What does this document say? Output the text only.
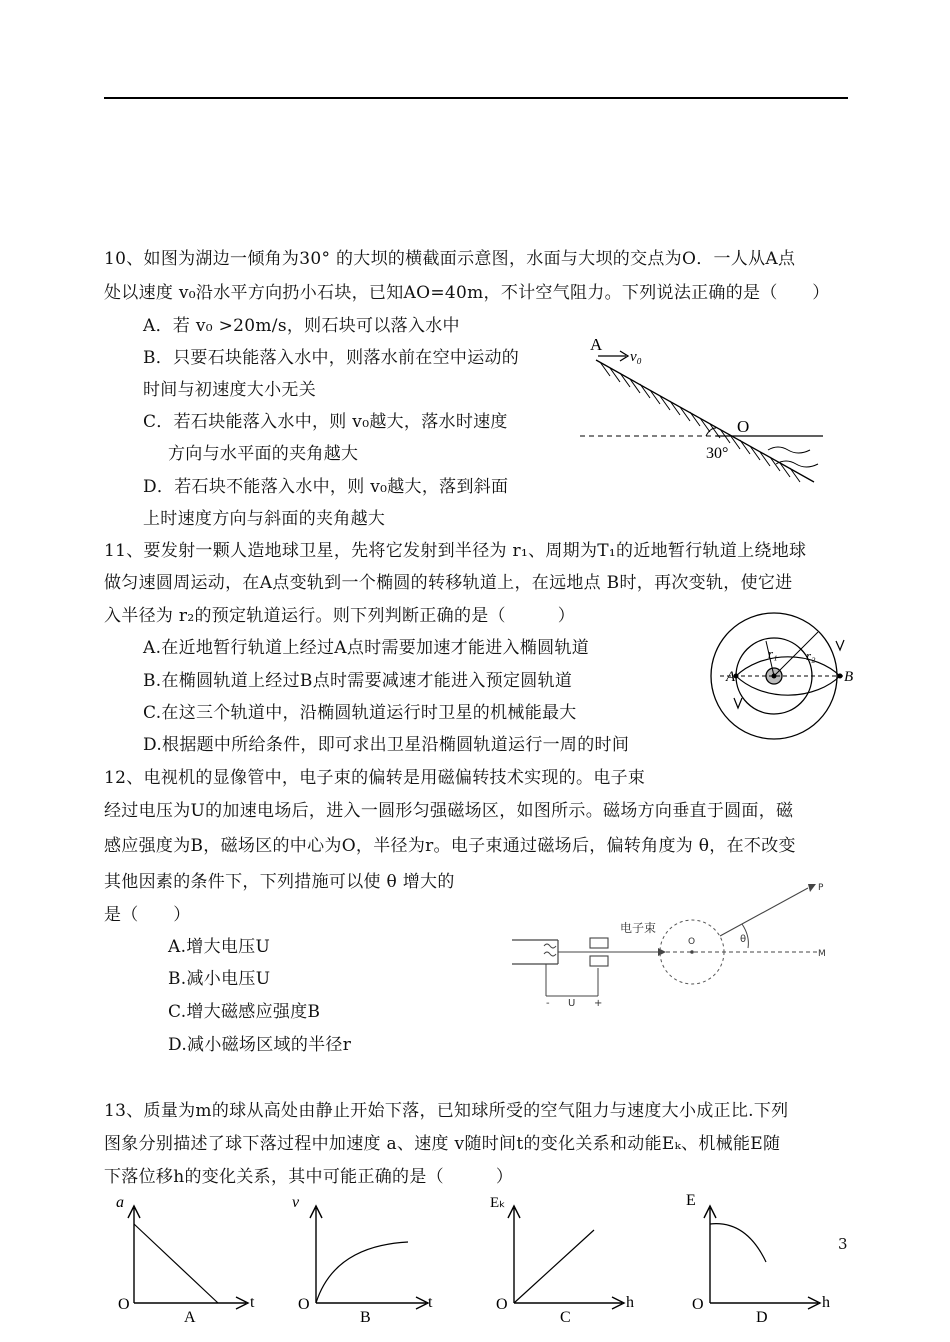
10、如图为湖边一倾角为30° 的大坝的横截面示意图，水面与大坝的交点为O．一人从A点
处以速度 v₀沿水平方向扔小石块，已知AO=40m，不计空气阻力。下列说法正确的是（　　）
A．若 v₀ >20m/s，则石块可以落入水中
B．只要石块能落入水中，则落水前在空中运动的
时间与初速度大小无关
C．若石块能落入水中，则 v₀越大，落水时速度
方向与水平面的夹角越大
D．若石块不能落入水中，则 v₀越大，落到斜面
上时速度方向与斜面的夹角越大
A
v₀
O
30°
11、要发射一颗人造地球卫星，先将它发射到半径为 r₁、周期为T₁的近地暂行轨道上绕地球
做匀速圆周运动，在A点变轨到一个椭圆的转移轨道上，在远地点 B时，再次变轨，使它进
入半径为 r₂的预定轨道运行。则下列判断正确的是（　　　）
A.在近地暂行轨道上经过A点时需要加速才能进入椭圆轨道
B.在椭圆轨道上经过B点时需要减速才能进入预定圆轨道
C.在这三个轨道中，沿椭圆轨道运行时卫星的机械能最大
D.根据题中所给条件，即可求出卫星沿椭圆轨道运行一周的时间
A	B
r₁ r₂
12、电视机的显像管中，电子束的偏转是用磁偏转技术实现的。电子束
经过电压为U的加速电场后，进入一圆形匀强磁场区，如图所示。磁场方向垂直于圆面，磁
感应强度为B，磁场区的中心为O，半径为r。电子束通过磁场后，偏转角度为 θ，在不改变
其他因素的条件下，下列措施可以使 θ 增大的
是（　　）
A.增大电压U
B.减小电压U
C.增大磁感应强度B
D.减小磁场区域的半径r
电子束
O
P
M
θ
- U +
13、质量为m的球从高处由静止开始下落，已知球所受的空气阻力与速度大小成正比.下列
图象分别描述了球下落过程中加速度 a、速度 v随时间t的变化关系和动能Eₖ、机械能E随
下落位移h的变化关系，其中可能正确的是（　　　）
a
t
O
A
v
t
O
B
Eₖ
h
O
C
E
h
O
D
3
